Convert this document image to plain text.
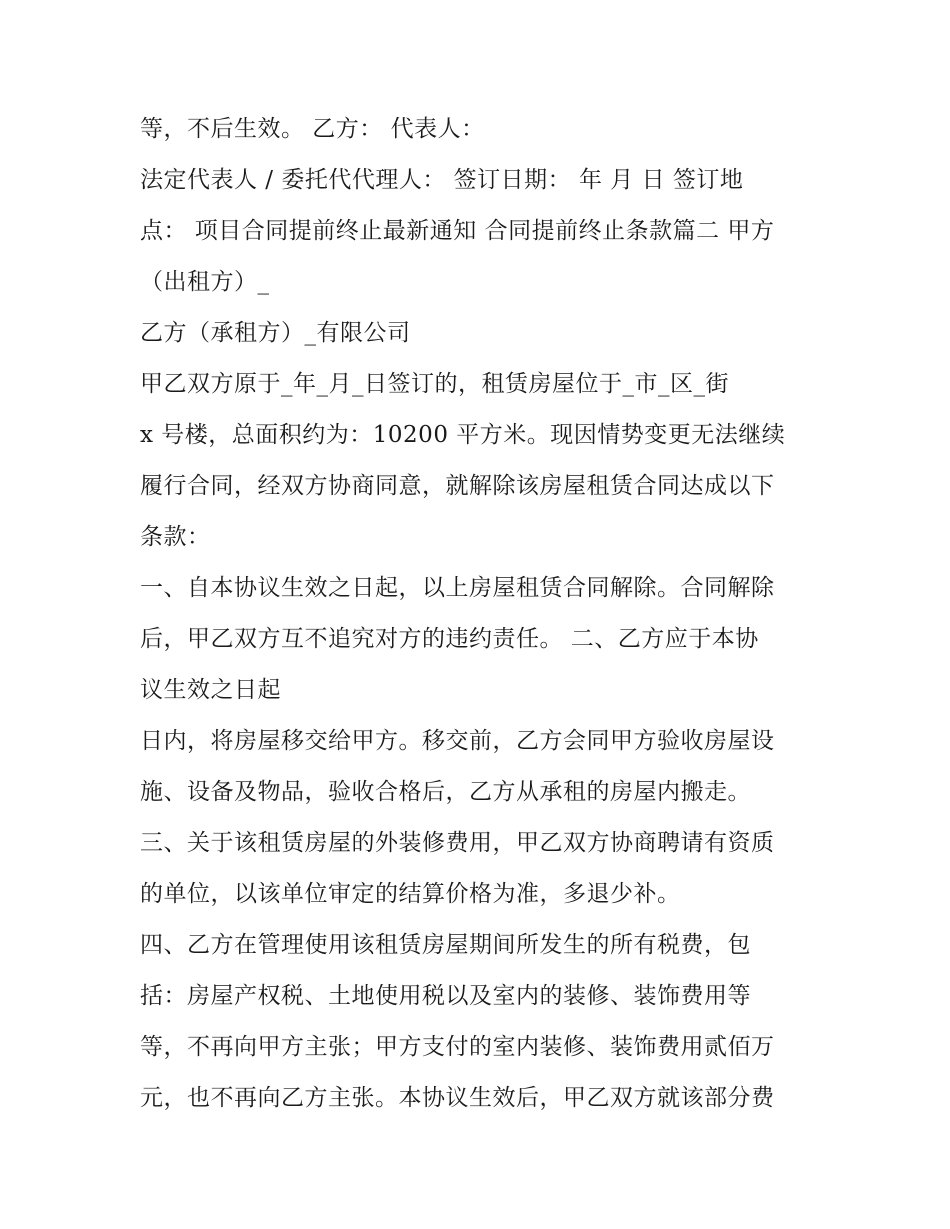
等，不后生效。 乙方： 代表人：
法定代表人 / 委托代代理人： 签订日期： 年 月 日 签订地
点： 项目合同提前终止最新通知 合同提前终止条款篇二 甲方
（出租方）_
乙方（承租方）_有限公司
甲乙双方原于_年_月_日签订的，租赁房屋位于_市_区_街
x 号楼，总面积约为：10200 平方米。现因情势变更无法继续
履行合同，经双方协商同意，就解除该房屋租赁合同达成以下
条款：
一、自本协议生效之日起，以上房屋租赁合同解除。合同解除
后，甲乙双方互不追究对方的违约责任。 二、乙方应于本协
议生效之日起
日内，将房屋移交给甲方。移交前，乙方会同甲方验收房屋设
施、设备及物品，验收合格后，乙方从承租的房屋内搬走。
三、关于该租赁房屋的外装修费用，甲乙双方协商聘请有资质
的单位，以该单位审定的结算价格为准，多退少补。
四、乙方在管理使用该租赁房屋期间所发生的所有税费，包
括：房屋产权税、土地使用税以及室内的装修、装饰费用等
等，不再向甲方主张；甲方支付的室内装修、装饰费用贰佰万
元，也不再向乙方主张。本协议生效后，甲乙双方就该部分费
